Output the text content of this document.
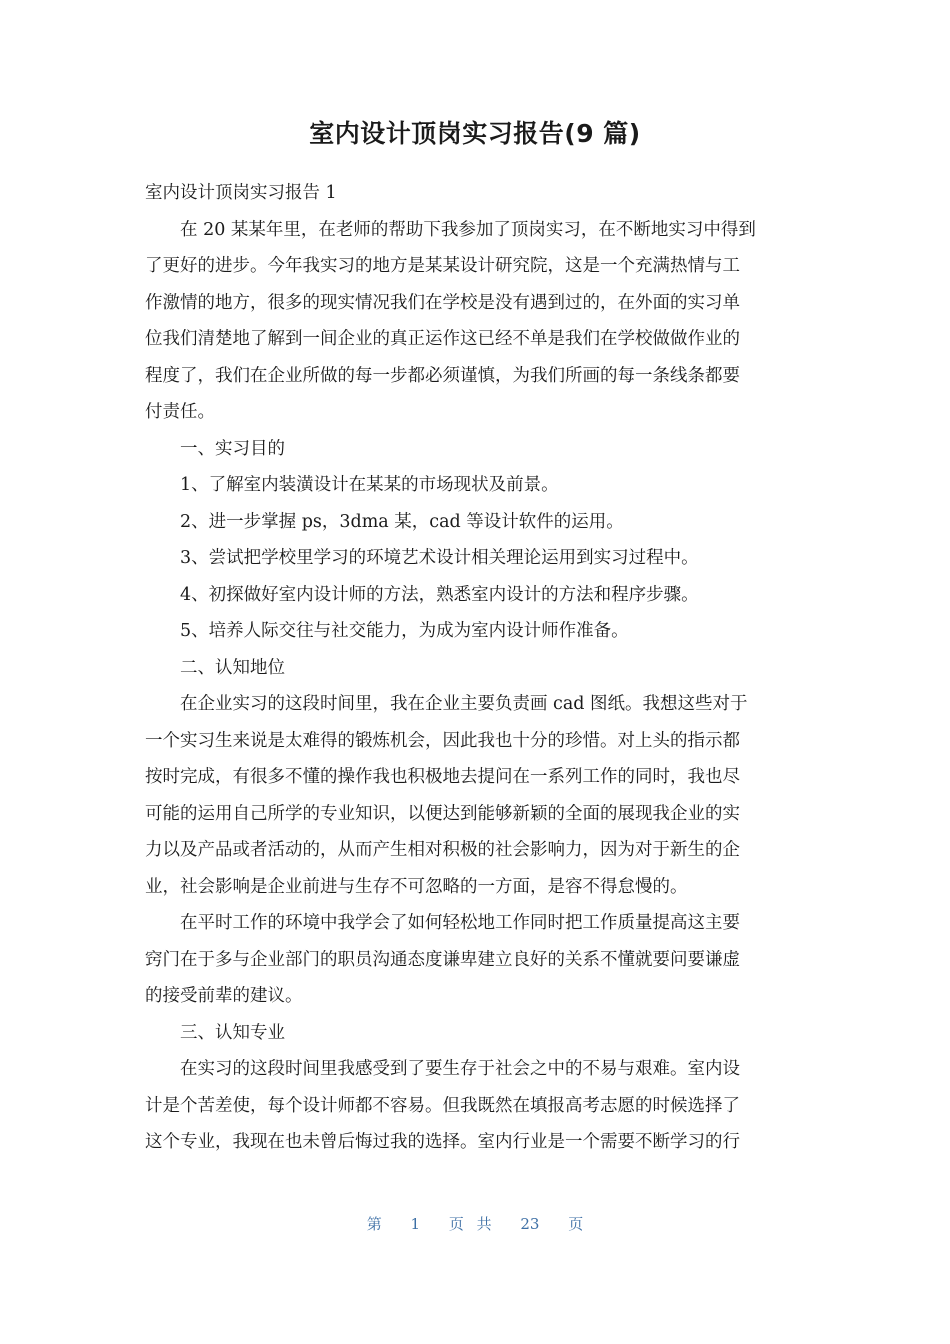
室内设计顶岗实习报告(9 篇)

室内设计顶岗实习报告 1

在 20 某某年里，在老师的帮助下我参加了顶岗实习，在不断地实习中得到
了更好的进步。今年我实习的地方是某某设计研究院，这是一个充满热情与工
作激情的地方，很多的现实情况我们在学校是没有遇到过的，在外面的实习单
位我们清楚地了解到一间企业的真正运作这已经不单是我们在学校做做作业的
程度了，我们在企业所做的每一步都必须谨慎，为我们所画的每一条线条都要
付责任。

一、实习目的

1、了解室内装潢设计在某某的市场现状及前景。

2、进一步掌握 ps，3dma 某，cad 等设计软件的运用。

3、尝试把学校里学习的环境艺术设计相关理论运用到实习过程中。

4、初探做好室内设计师的方法，熟悉室内设计的方法和程序步骤。

5、培养人际交往与社交能力，为成为室内设计师作准备。

二、认知地位

在企业实习的这段时间里，我在企业主要负责画 cad 图纸。我想这些对于
一个实习生来说是太难得的锻炼机会，因此我也十分的珍惜。对上头的指示都
按时完成，有很多不懂的操作我也积极地去提问在一系列工作的同时，我也尽
可能的运用自己所学的专业知识，以便达到能够新颖的全面的展现我企业的实
力以及产品或者活动的，从而产生相对积极的社会影响力，因为对于新生的企
业，社会影响是企业前进与生存不可忽略的一方面，是容不得怠慢的。
在平时工作的环境中我学会了如何轻松地工作同时把工作质量提高这主要
窍门在于多与企业部门的职员沟通态度谦卑建立良好的关系不懂就要问要谦虚
的接受前辈的建议。

三、认知专业

在实习的这段时间里我感受到了要生存于社会之中的不易与艰难。室内设
计是个苦差使，每个设计师都不容易。但我既然在填报高考志愿的时候选择了
这个专业，我现在也未曾后悔过我的选择。室内行业是一个需要不断学习的行
第 1 页 共 23 页
